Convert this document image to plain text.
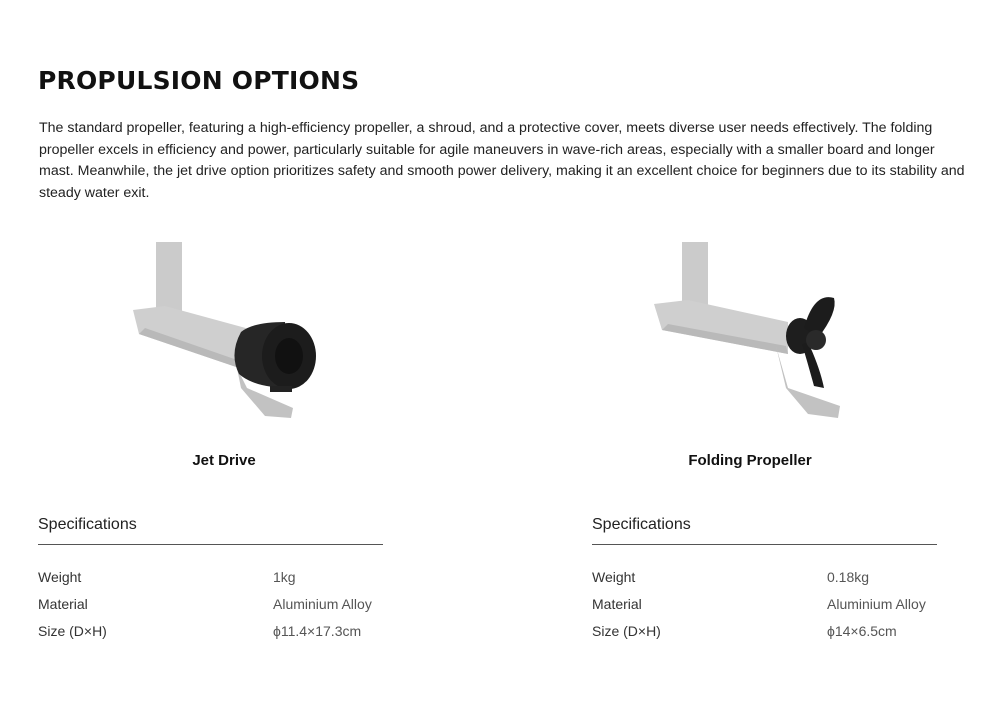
PROPULSION OPTIONS

The standard propeller, featuring a high-efficiency propeller, a shroud, and a protective cover, meets diverse user needs effectively. The folding propeller excels in efficiency and power, particularly suitable for agile maneuvers in wave-rich areas, especially with a smaller board and longer mast. Meanwhile, the jet drive option prioritizes safety and smooth power delivery, making it an excellent choice for beginners due to its stability and steady water exit.

Jet Drive	Folding Propeller
Specifications
Weight	1kg
Material	Aluminium Alloy
Size (D×H)	ϕ11.4×17.3cm
Specifications
Weight	0.18kg
Material	Aluminium Alloy
Size (D×H)	ϕ14×6.5cm
